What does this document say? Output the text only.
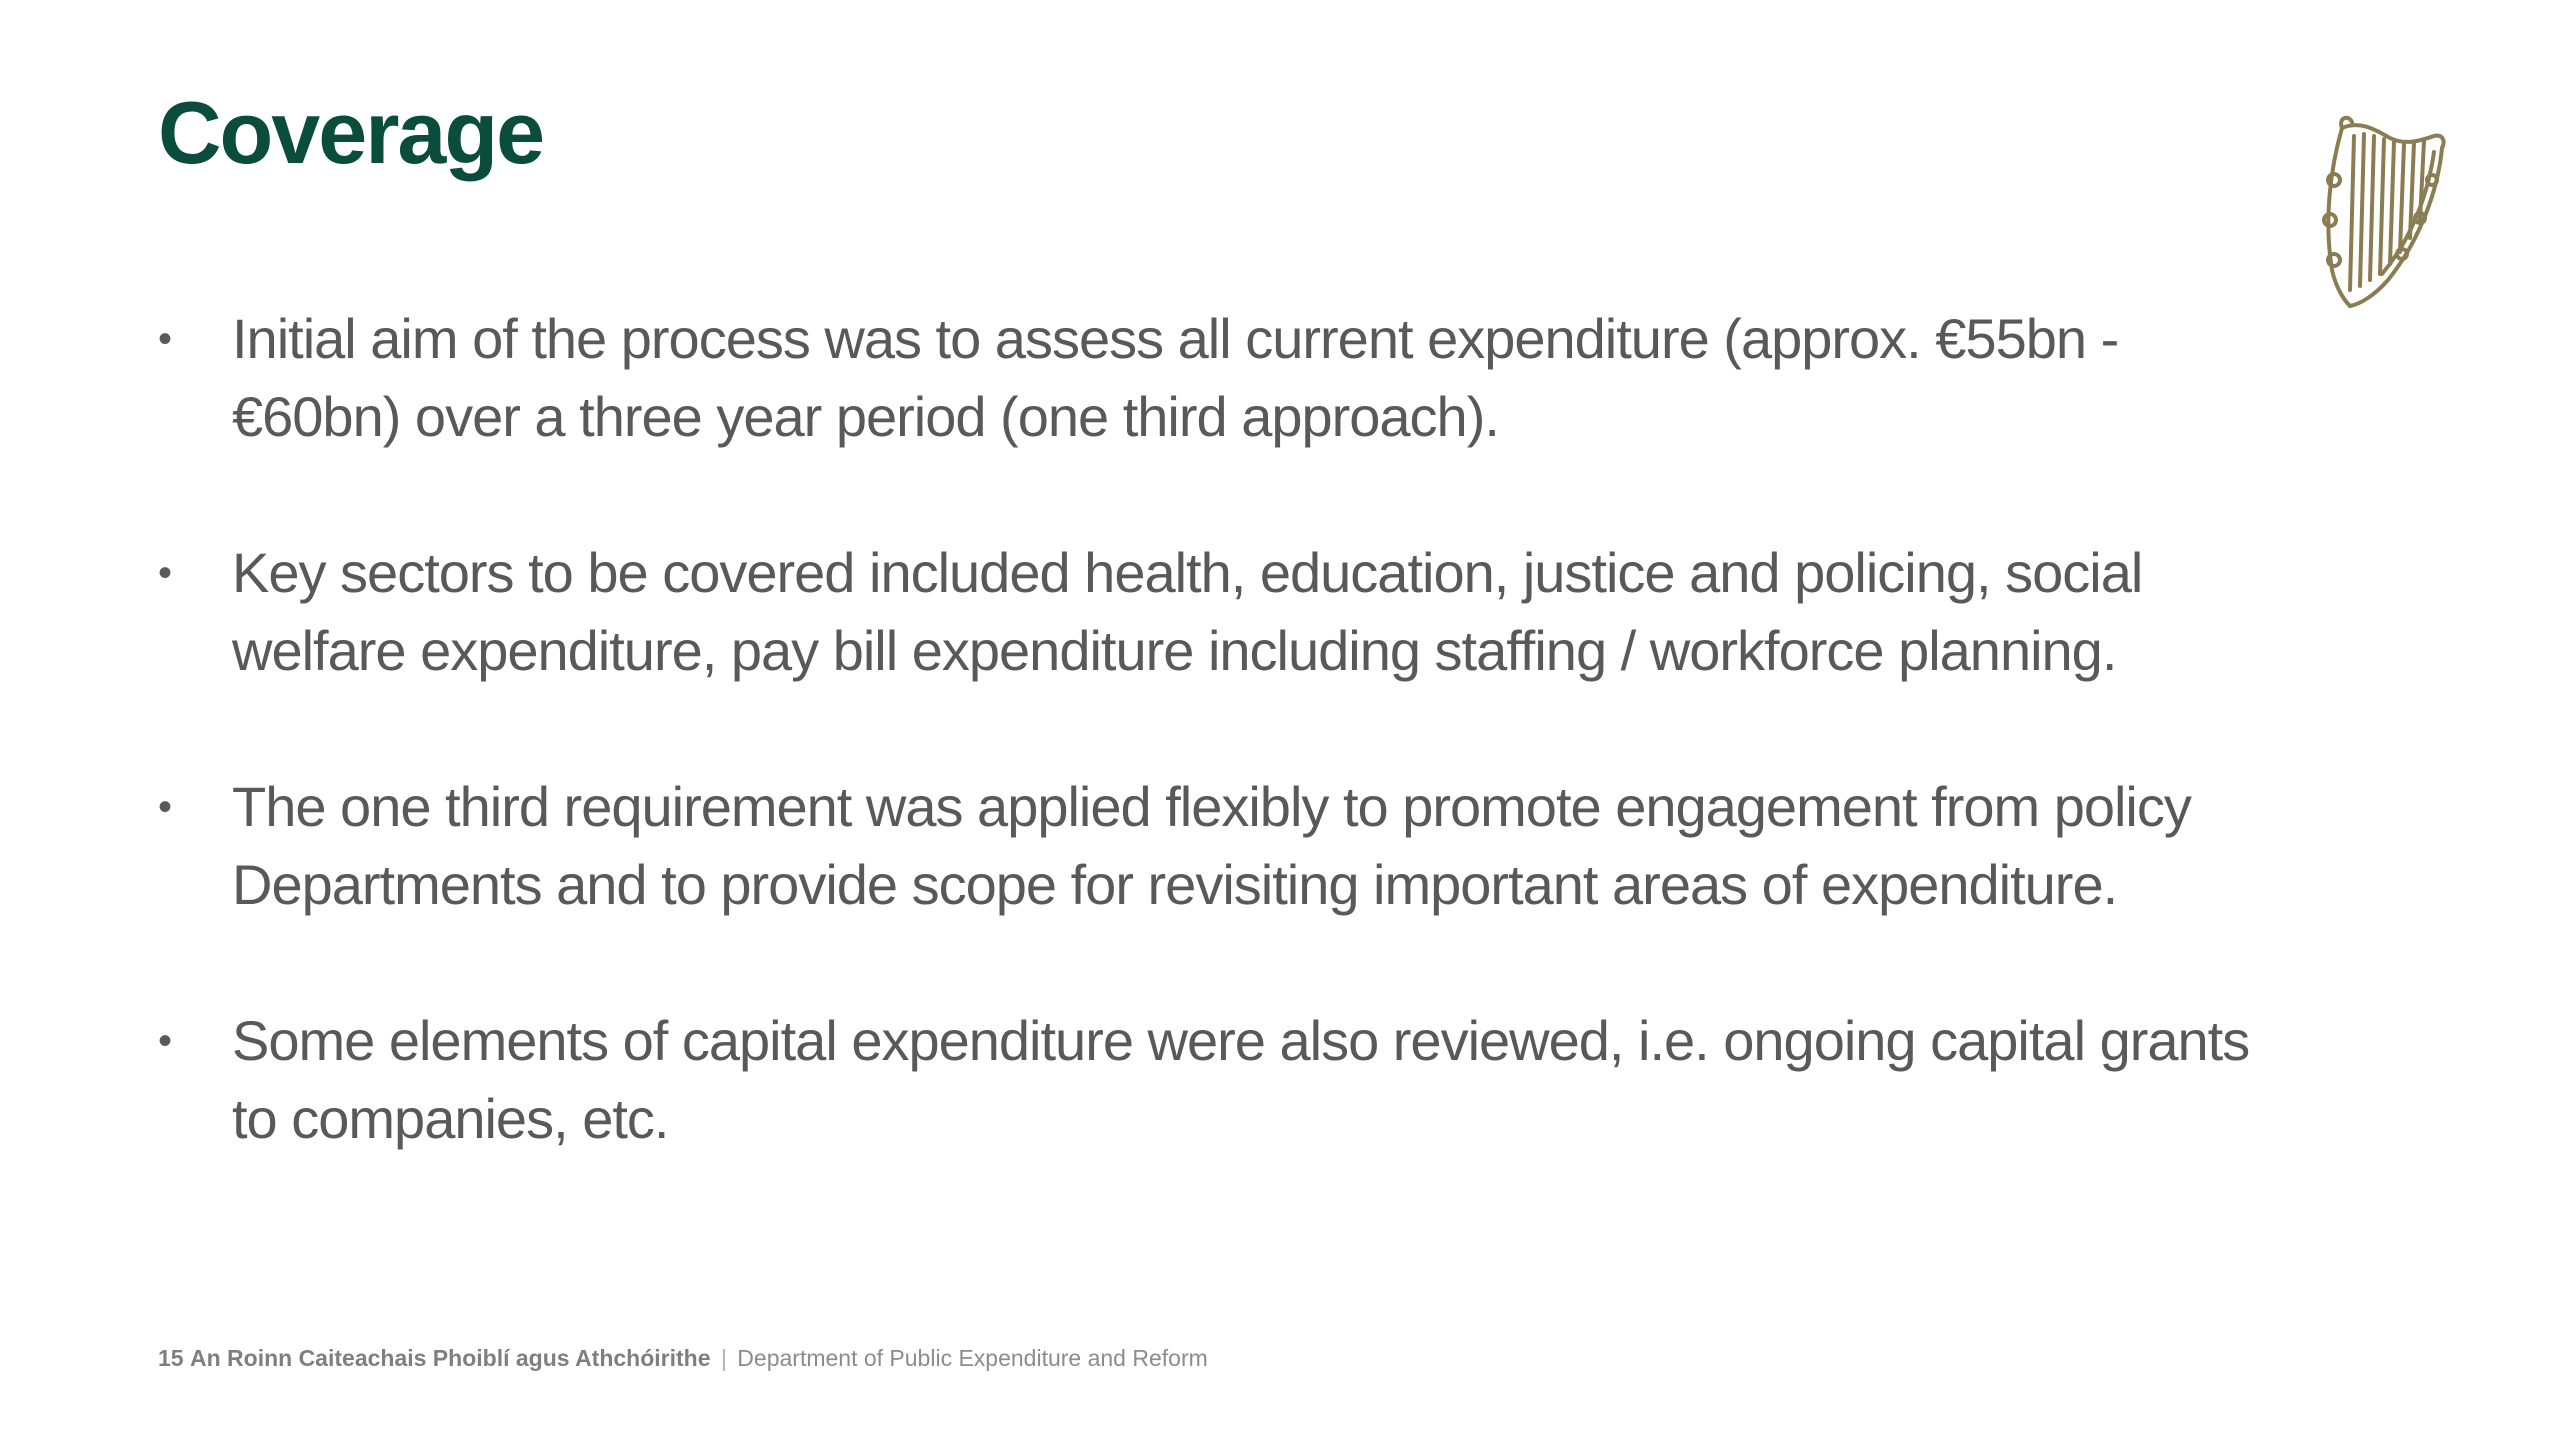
Coverage
• Initial aim of the process was to assess all current expenditure (approx. €55bn - €60bn) over a three year period (one third approach).
• Key sectors to be covered included health, education, justice and policing, social welfare expenditure, pay bill expenditure including staffing / workforce planning.
• The one third requirement was applied flexibly to promote engagement from policy Departments and to provide scope for revisiting important areas of expenditure.
• Some elements of capital expenditure were also reviewed, i.e. ongoing capital grants to companies, etc.
15 An Roinn Caiteachais Phoiblí agus Athchóirithe | Department of Public Expenditure and Reform
